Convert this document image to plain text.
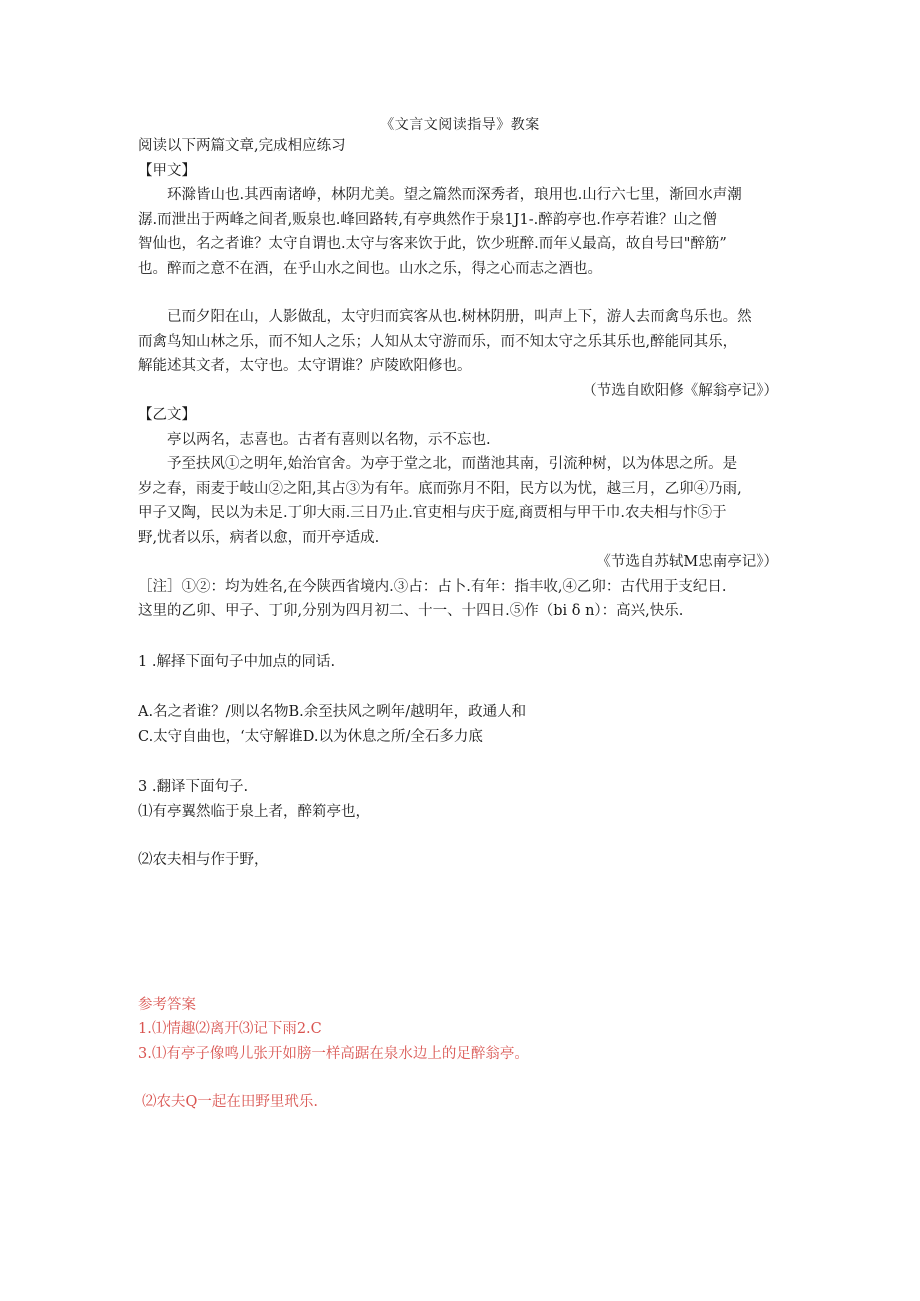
《文言文阅读指导》教案
阅读以下两篇文章,完成相应练习
【甲文】
环滁皆山也.其西南诸峥，林阴尤美。望之篇然而深秀者，琅用也.山行六七里，渐回水声潮
潺.而泄出于两峰之间者,贩泉也.峰回路转,有亭典然作于泉1J1-.醉韵亭也.作亭若谁？山之僧
智仙也，名之者谁？太守自谓也.太守与客来饮于此，饮少班醉.而年乂最高，故自号曰"醉筋”
也。醉而之意不在酒，在乎山水之间也。山水之乐，得之心而志之酒也。
已而夕阳在山，人影做乱，太守归而宾客从也.树林阴册，叫声上下，游人去而禽鸟乐也。然
而禽鸟知山林之乐，而不知人之乐；人知从太守游而乐，而不知太守之乐其乐也,醉能同其乐，
解能述其文者，太守也。太守谓谁？庐陵欧阳修也。
（节选自欧阳修《解翁亭记》）
【乙文】
亭以两名，志喜也。古者有喜则以名物，示不忘也.
予至扶风①之明年,始治官舍。为亭于堂之北，而凿池其南，引流种树，以为体思之所。是
岁之春，雨麦于岐山②之阳,其占③为有年。底而弥月不阳，民方以为忧，越三月，乙卯④乃雨,
甲子又陶，民以为未足.丁卯大雨.三日乃止.官吏相与庆于庭,商贾相与甲干巾.农夫相与忭⑤于
野,忧者以乐，病者以愈，而开亭适成.
《节选自苏轼M忠南亭记》）
［注］①②：均为姓名,在今陕西省境内.③占：占卜.有年：指丰收,④乙卯：古代用于支纪日.
这里的乙卯、甲子、丁卯,分别为四月初二、十一、十四日.⑤作（bi δ n）：高兴,快乐.
1 .解择下面句子中加点的同话.
A.名之者谁？/则以名物B.余至扶风之咧年/越明年，政通人和
C.太守自曲也，‘太守解谁D.以为休息之所/全石多力底
3 .翻译下面句子.
⑴有亭翼然临于泉上者，醉筣亭也，
⑵农夫相与作于野，
参考答案
1.⑴情趣⑵离开⑶记下雨2.C
3.⑴有亭子像鸣儿张开如膀一样高踞在泉水边上的足醉翁亭。
⑵农夫Q一起在田野里玳乐.
